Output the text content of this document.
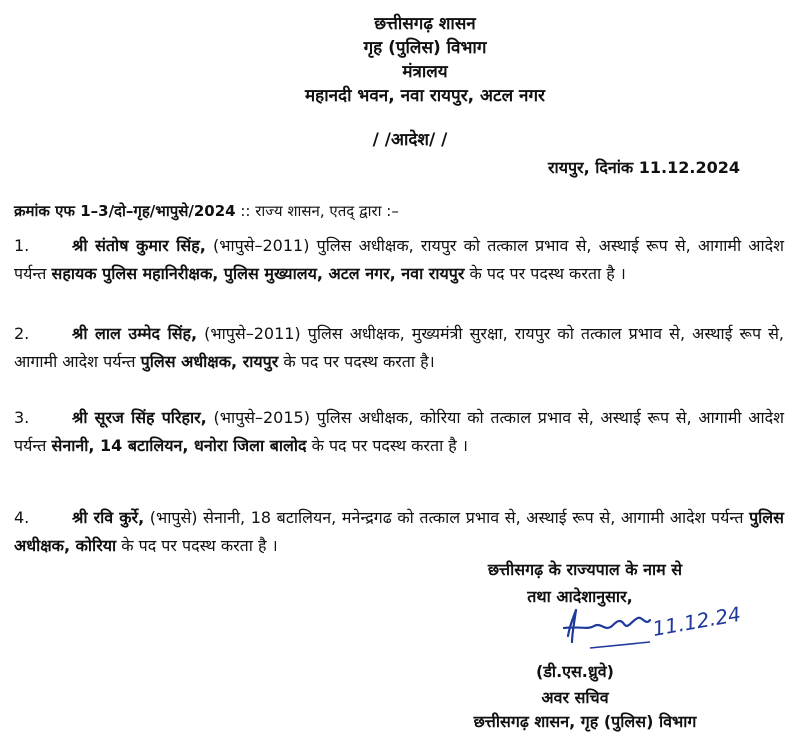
छत्तीसगढ़ शासन
गृह (पुलिस) विभाग
मंत्रालय
महानदी भवन, नवा रायपुर, अटल नगर
/ /आदेश/ /
रायपुर, दिनांक 11.12.2024
क्रमांक एफ 1–3/दो–गृह/भापुसे/2024 :: राज्य शासन, एतद् द्वारा :–
1.	श्री संतोष कुमार सिंह, (भापुसे–2011) पुलिस अधीक्षक, रायपुर को तत्काल प्रभाव से, अस्थाई रूप से, आगामी आदेश पर्यन्त सहायक पुलिस महानिरीक्षक, पुलिस मुख्यालय, अटल नगर, नवा रायपुर के पद पर पदस्थ करता है ।
2.	श्री लाल उम्मेद सिंह, (भापुसे–2011) पुलिस अधीक्षक, मुख्यमंत्री सुरक्षा, रायपुर को तत्काल प्रभाव से, अस्थाई रूप से, आगामी आदेश पर्यन्त पुलिस अधीक्षक, रायपुर के पद पर पदस्थ करता है।
3.	श्री सूरज सिंह परिहार, (भापुसे–2015) पुलिस अधीक्षक, कोरिया को तत्काल प्रभाव से, अस्थाई रूप से, आगामी आदेश पर्यन्त सेनानी, 14 बटालियन, धनोरा जिला बालोद के पद पर पदस्थ करता है ।
4.	श्री रवि कुर्रे, (भापुसे) सेनानी, 18 बटालियन, मनेन्द्रगढ को तत्काल प्रभाव से, अस्थाई रूप से, आगामी आदेश पर्यन्त पुलिस अधीक्षक, कोरिया के पद पर पदस्थ करता है ।
छत्तीसगढ़ के राज्यपाल के नाम से
तथा आदेशानुसार,
11.12.24
(डी.एस.ध्रुवे)
अवर सचिव
छत्तीसगढ़ शासन, गृह (पुलिस) विभाग
